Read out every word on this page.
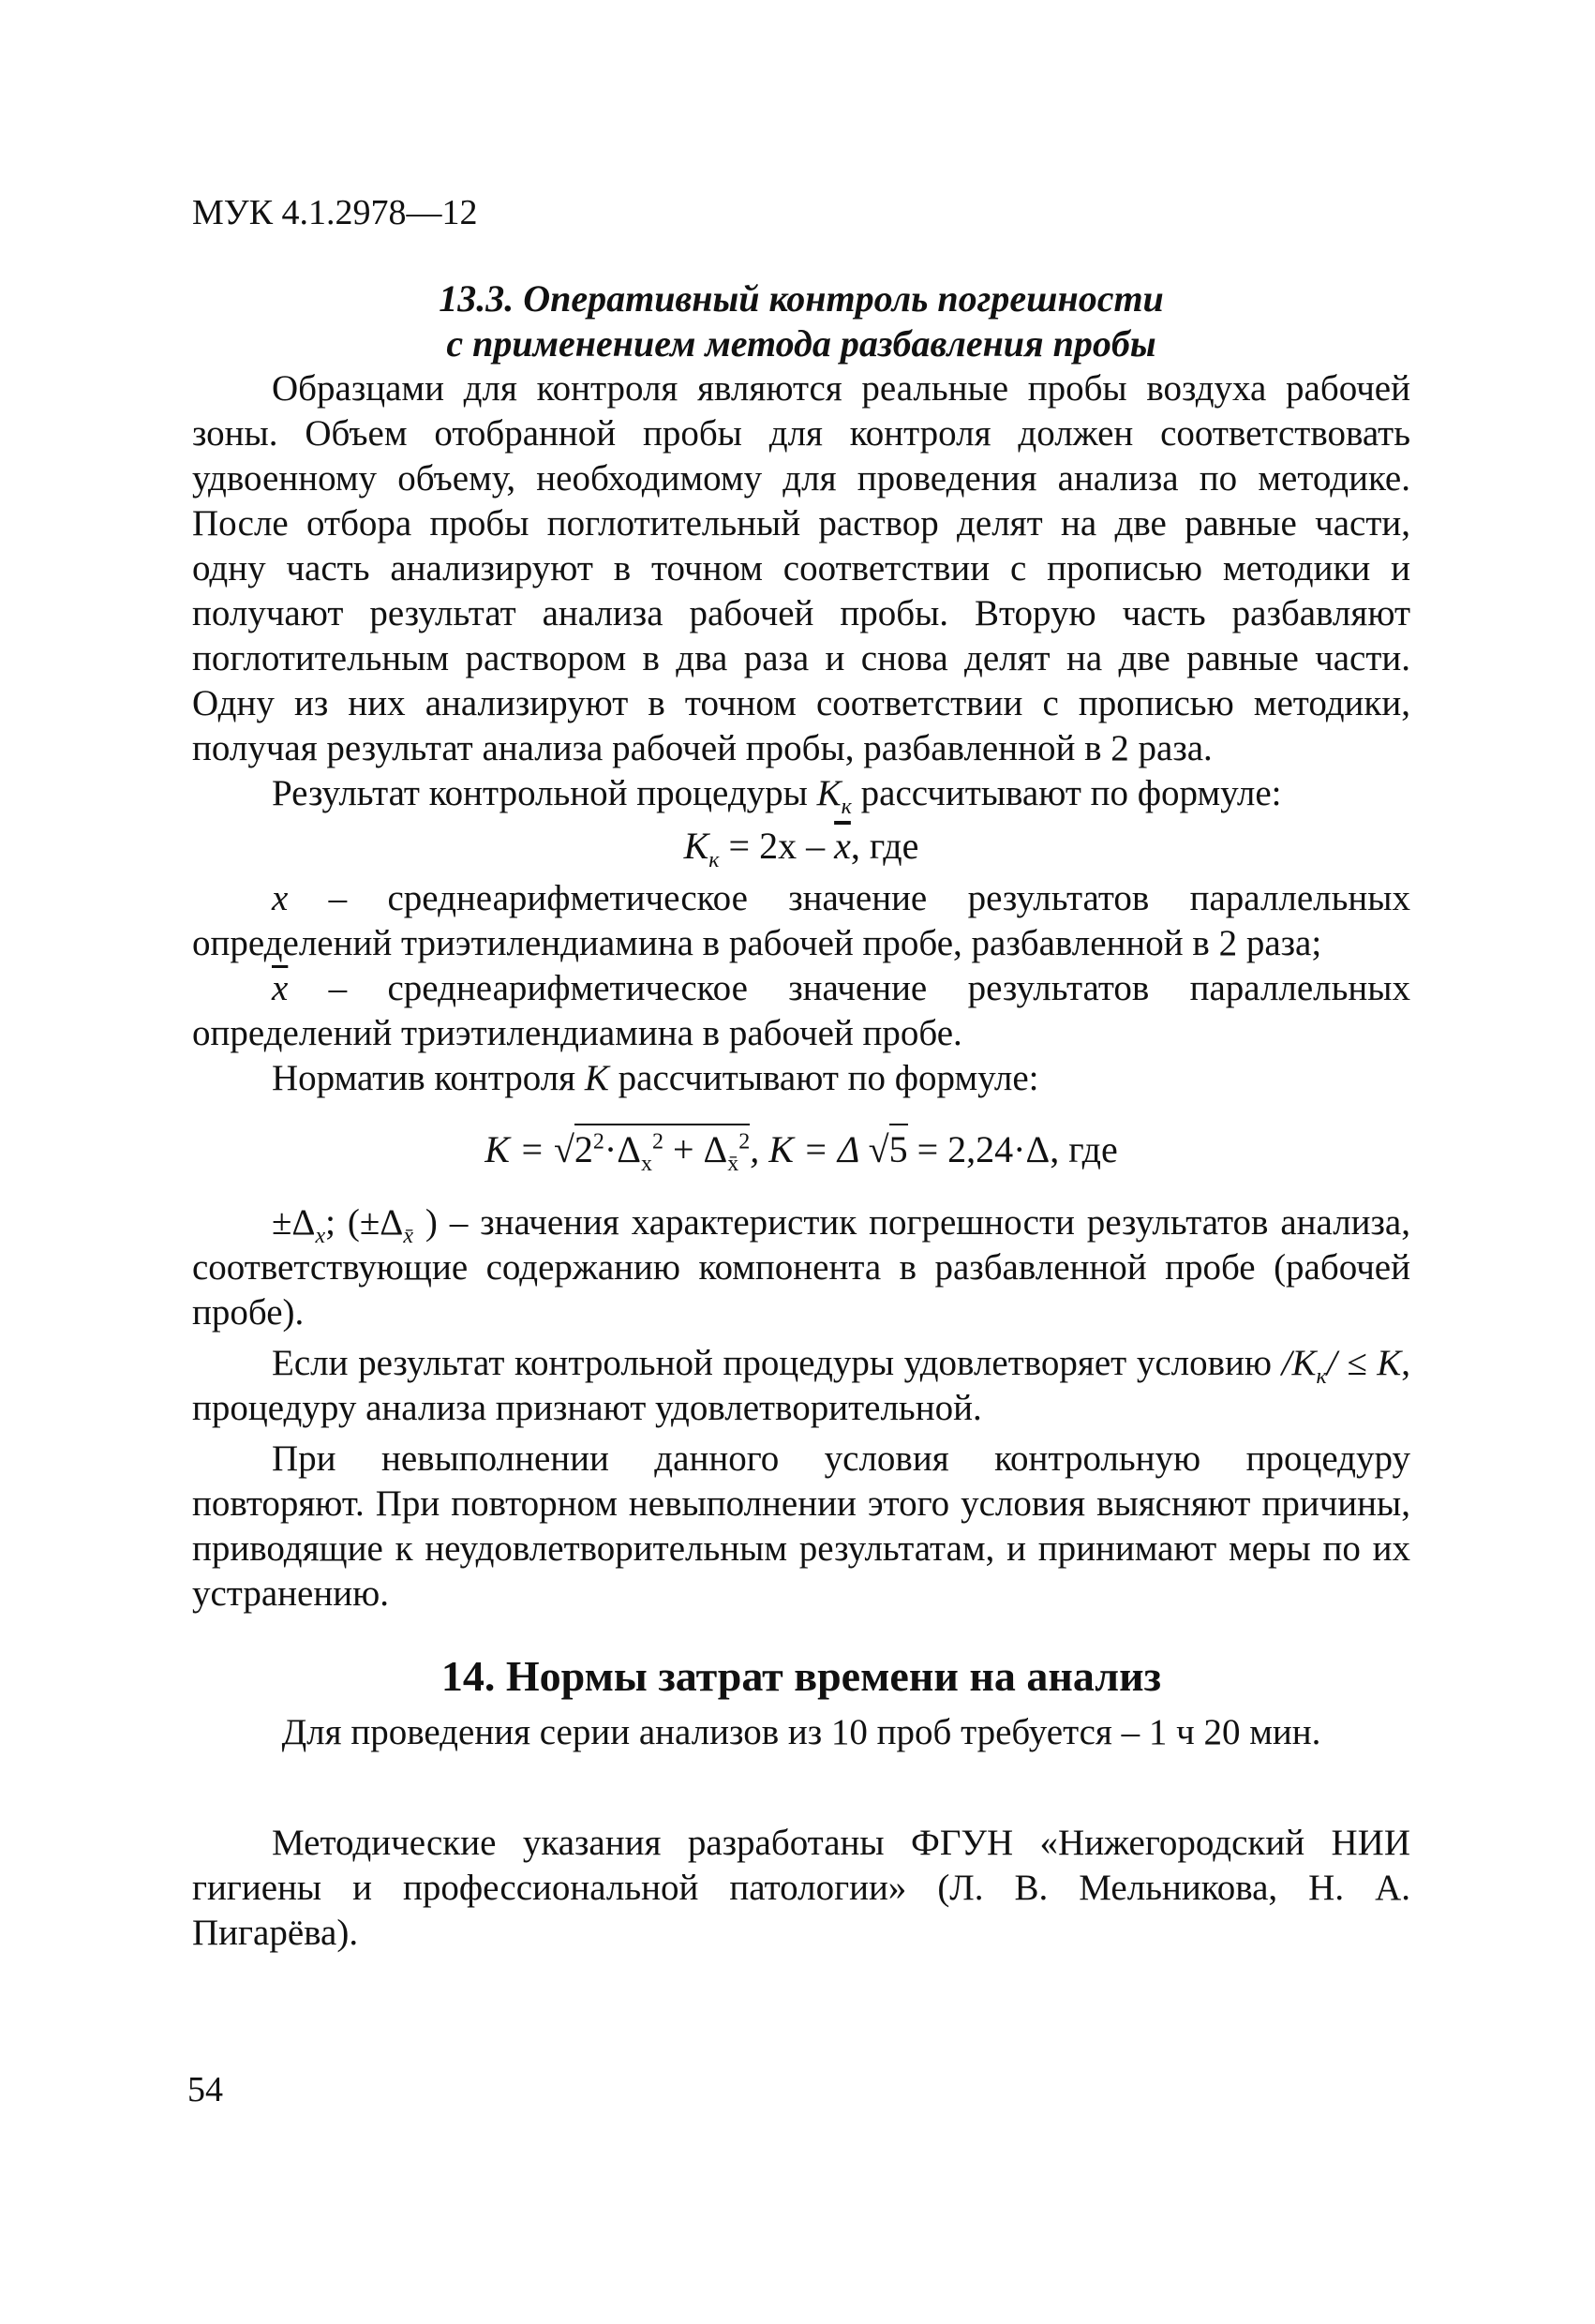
МУК 4.1.2978—12

13.3. Оперативный контроль погрешности

с применением метода разбавления пробы

Образцами для контроля являются реальные пробы воздуха рабочей зоны. Объем отобранной пробы для контроля должен соответствовать удвоенному объему, необходимому для проведения анализа по методике. После отбора пробы поглотительный раствор делят на две равные части, одну часть анализируют в точном соответствии с прописью методики и получают результат анализа рабочей пробы. Вторую часть разбавляют поглотительным раствором в два раза и снова делят на две равные части. Одну из них анализируют в точном соответствии с прописью методики, получая результат анализа рабочей пробы, разбавленной в 2 раза.

Результат контрольной процедуры $K_к$ рассчитывают по формуле:

$K_к = 2x - \overline{x}$, где

x – среднеарифметическое значение результатов параллельных определений триэтилендиамина в рабочей пробе, разбавленной в 2 раза;

$\overline{x}$ – среднеарифметическое значение результатов параллельных определений триэтилендиамина в рабочей пробе.

Норматив контроля K рассчитывают по формуле:

$K = √2^2\cdot\Delta_x^2 + \Delta_{x̄}^2$, K = Δ √5 = 2,24·Δ, где

$\pm\Delta_x$; ($\pm\Delta_{x̄}$ ) – значения характеристик погрешности результатов анализа, соответствующие содержанию компонента в разбавленной пробе (рабочей пробе).

Если результат контрольной процедуры удовлетворяет условию $/K_к/ \le K$, процедуру анализа признают удовлетворительной.

При невыполнении данного условия контрольную процедуру повторяют. При повторном невыполнении этого условия выясняют причины, приводящие к неудовлетворительным результатам, и принимают меры по их устранению.

14. Нормы затрат времени на анализ

Для проведения серии анализов из 10 проб требуется – 1 ч 20 мин.

Методические указания разработаны ФГУН «Нижегородский НИИ гигиены и профессиональной патологии» (Л. В. Мельникова, Н. А. Пигарёва).

54
